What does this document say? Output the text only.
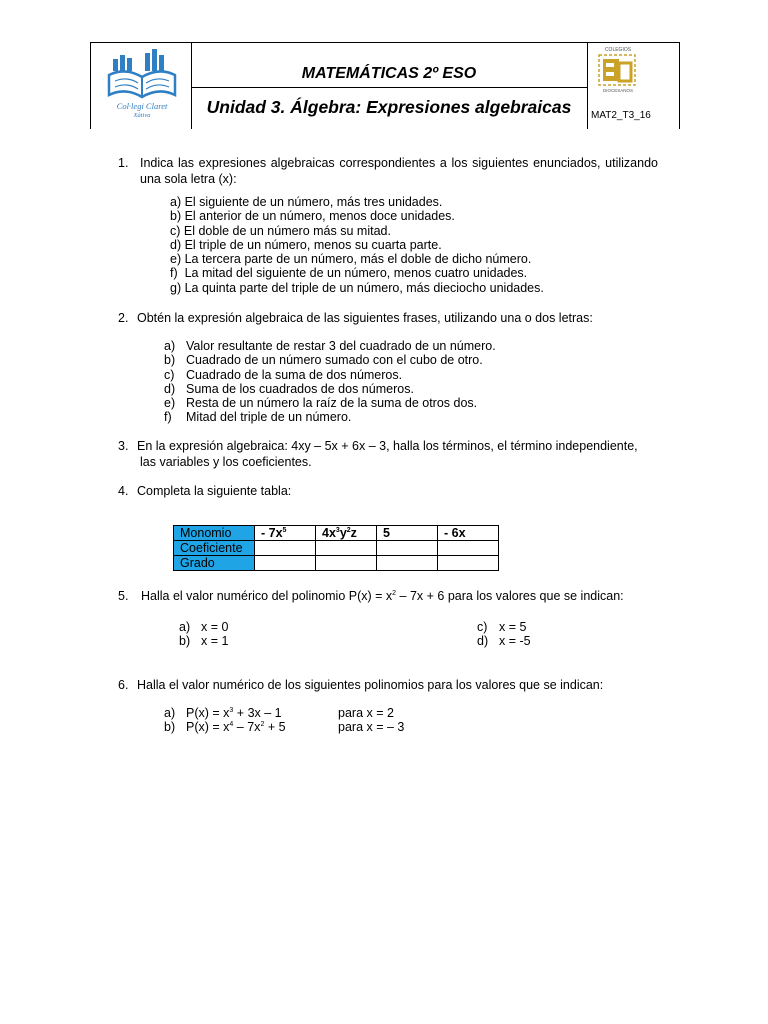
Col·legi Claret
Xàtiva
COLEGIOS
DIOCESANOS
MATEMÁTICAS 2º ESO
Unidad 3. Álgebra: Expresiones algebraicas	MAT2_T3_16
1. Indica las expresiones algebraicas correspondientes a los siguientes enunciados, utilizando una sola letra (x):
a) El siguiente de un número, más tres unidades.
b) El anterior de un número, menos doce unidades.
c) El doble de un número más su mitad.
d) El triple de un número, menos su cuarta parte.
e) La tercera parte de un número, más el doble de dicho número.
f)  La mitad del siguiente de un número, menos cuatro unidades.
g) La quinta parte del triple de un número, más dieciocho unidades.
2. Obtén la expresión algebraica de las siguientes frases, utilizando una o dos letras:
a) Valor resultante de restar 3 del cuadrado de un número.
b) Cuadrado de un número sumado con el cubo de otro.
c) Cuadrado de la suma de dos números.
d) Suma de los cuadrados de dos números.
e) Resta de un número la raíz de la suma de otros dos.
f) Mitad del triple de un número.
3. En la expresión algebraica: 4xy – 5x + 6x – 3, halla los términos, el término independiente,
las variables y los coeficientes.
4. Completa la siguiente tabla:
Monomio	- $7x^5$	$4x^3y^2z$	5	- 6x
Coeficiente				
Grado				
5. Halla el valor numérico del polinomio $P(x) = x^2 - 7x + 6$ para los valores que se indican:
a) x = 0
b) x = 1
c) x = 5
d) x = -5
6. Halla el valor numérico de los siguientes polinomios para los valores que se indican:
a) $P(x) = x^3 + 3x - 1$	para x = 2
b) $P(x) = x^4 - 7x^2 + 5$	para x = – 3
